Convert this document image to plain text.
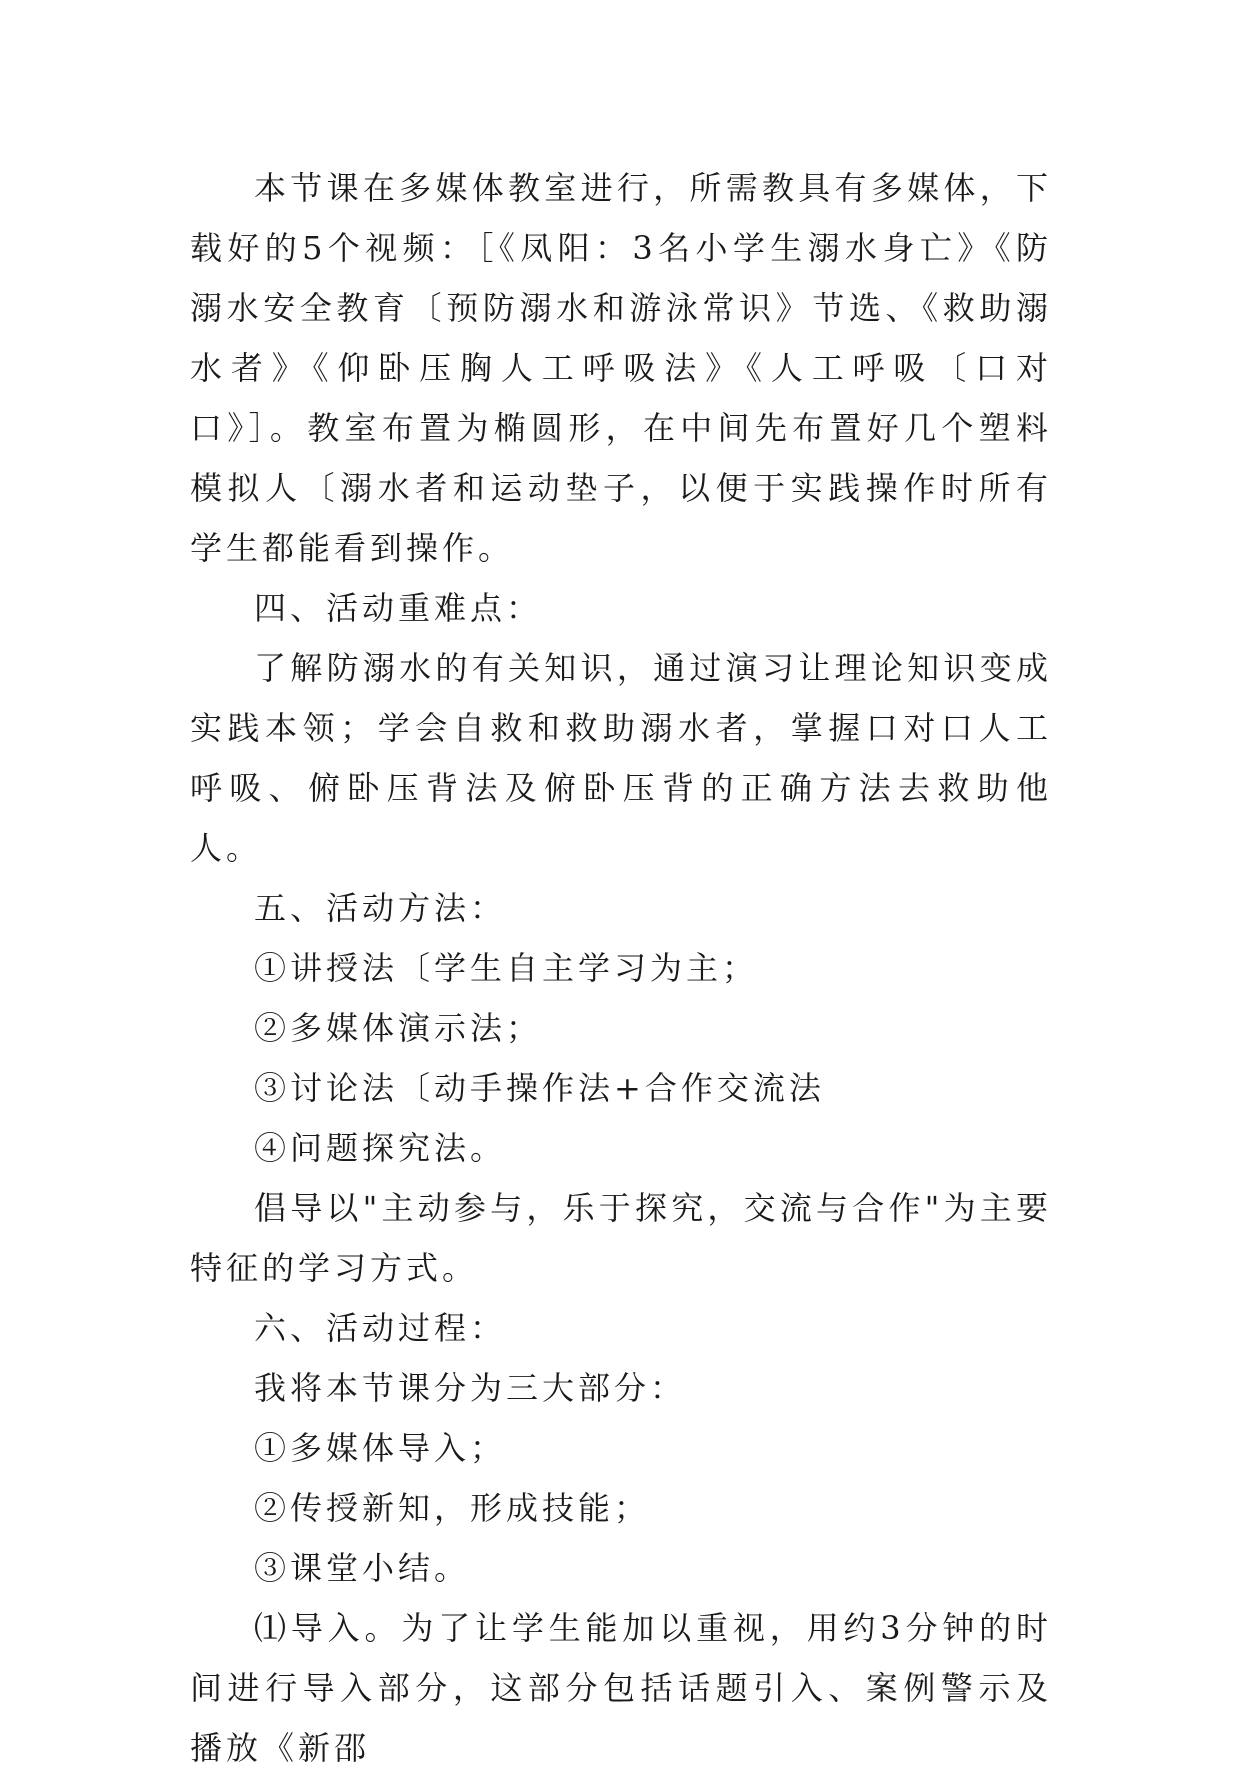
本节课在多媒体教室进行，所需教具有多媒体，下载好的5个视频：［《凤阳：3名小学生溺水身亡》《防溺水安全教育〔预防溺水和游泳常识》节选、《救助溺水者》《仰卧压胸人工呼吸法》《人工呼吸〔口对口》］。教室布置为椭圆形，在中间先布置好几个塑料模拟人〔溺水者和运动垫子，以便于实践操作时所有学生都能看到操作。

四、活动重难点：

了解防溺水的有关知识，通过演习让理论知识变成实践本领；学会自救和救助溺水者，掌握口对口人工呼吸、俯卧压背法及俯卧压背的正确方法去救助他人。

五、活动方法：

①讲授法〔学生自主学习为主；

②多媒体演示法；

③讨论法〔动手操作法+合作交流法

④问题探究法。

倡导以"主动参与，乐于探究，交流与合作"为主要特征的学习方式。

六、活动过程：

我将本节课分为三大部分：

①多媒体导入；

②传授新知，形成技能；

③课堂小结。

⑴导入。为了让学生能加以重视，用约3分钟的时间进行导入部分，这部分包括话题引入、案例警示及播放《新邵
